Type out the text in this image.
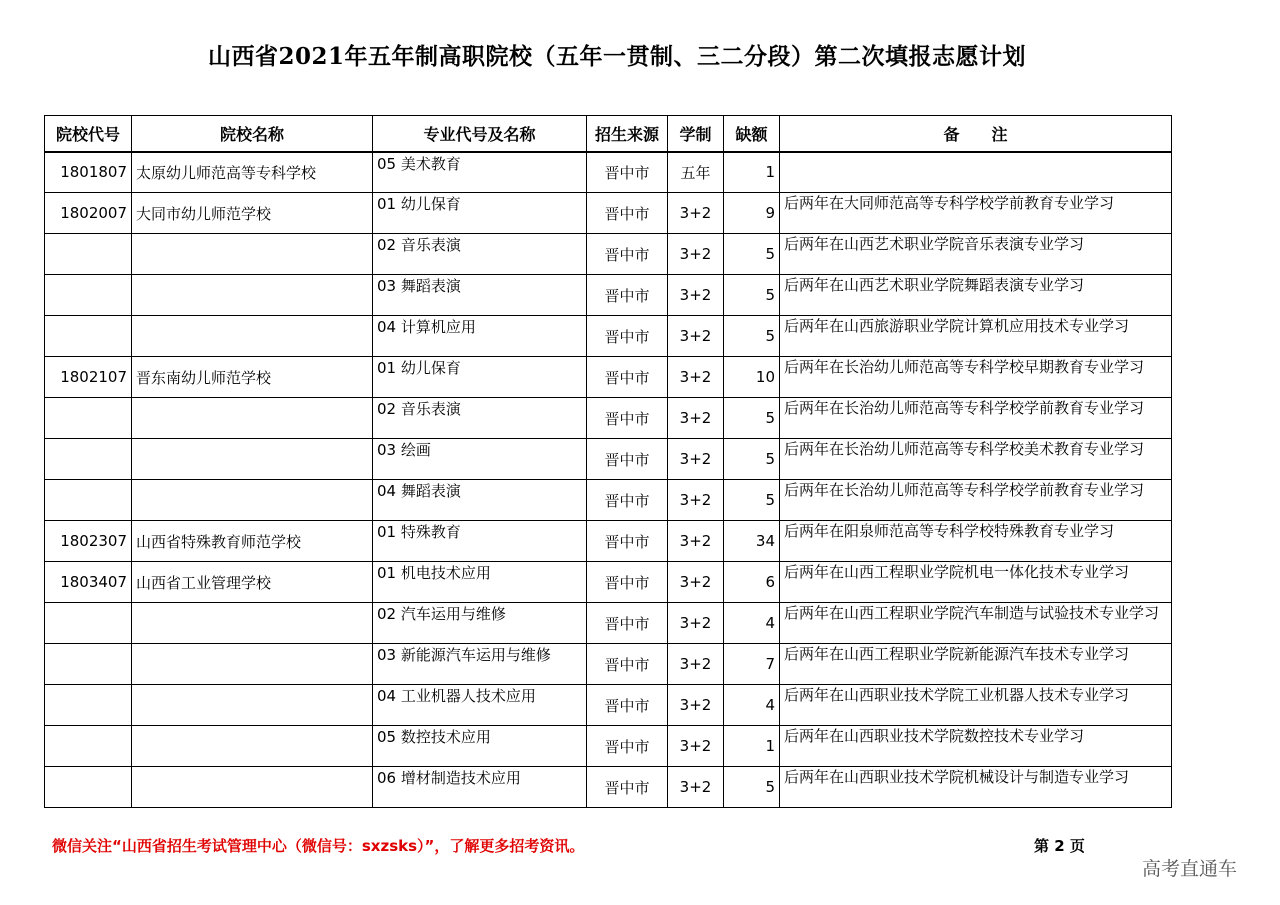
山西省2021年五年制高职院校（五年一贯制、三二分段）第二次填报志愿计划
院校代号	院校名称	专业代号及名称	招生来源	学制	缺额	备　　注
1801807	太原幼儿师范高等专科学校	05 美术教育	晋中市	五年	1	
1802007	大同市幼儿师范学校	01 幼儿保育	晋中市	3+2	9	后两年在大同师范高等专科学校学前教育专业学习
		02 音乐表演	晋中市	3+2	5	后两年在山西艺术职业学院音乐表演专业学习
		03 舞蹈表演	晋中市	3+2	5	后两年在山西艺术职业学院舞蹈表演专业学习
		04 计算机应用	晋中市	3+2	5	后两年在山西旅游职业学院计算机应用技术专业学习
1802107	晋东南幼儿师范学校	01 幼儿保育	晋中市	3+2	10	后两年在长治幼儿师范高等专科学校早期教育专业学习
		02 音乐表演	晋中市	3+2	5	后两年在长治幼儿师范高等专科学校学前教育专业学习
		03 绘画	晋中市	3+2	5	后两年在长治幼儿师范高等专科学校美术教育专业学习
		04 舞蹈表演	晋中市	3+2	5	后两年在长治幼儿师范高等专科学校学前教育专业学习
1802307	山西省特殊教育师范学校	01 特殊教育	晋中市	3+2	34	后两年在阳泉师范高等专科学校特殊教育专业学习
1803407	山西省工业管理学校	01 机电技术应用	晋中市	3+2	6	后两年在山西工程职业学院机电一体化技术专业学习
		02 汽车运用与维修	晋中市	3+2	4	后两年在山西工程职业学院汽车制造与试验技术专业学习
		03 新能源汽车运用与维修	晋中市	3+2	7	后两年在山西工程职业学院新能源汽车技术专业学习
		04 工业机器人技术应用	晋中市	3+2	4	后两年在山西职业技术学院工业机器人技术专业学习
		05 数控技术应用	晋中市	3+2	1	后两年在山西职业技术学院数控技术专业学习
		06 增材制造技术应用	晋中市	3+2	5	后两年在山西职业技术学院机械设计与制造专业学习
微信关注“山西省招生考试管理中心（微信号：sxzsks）”，了解更多招考资讯。	第 2 页
高考直通车
